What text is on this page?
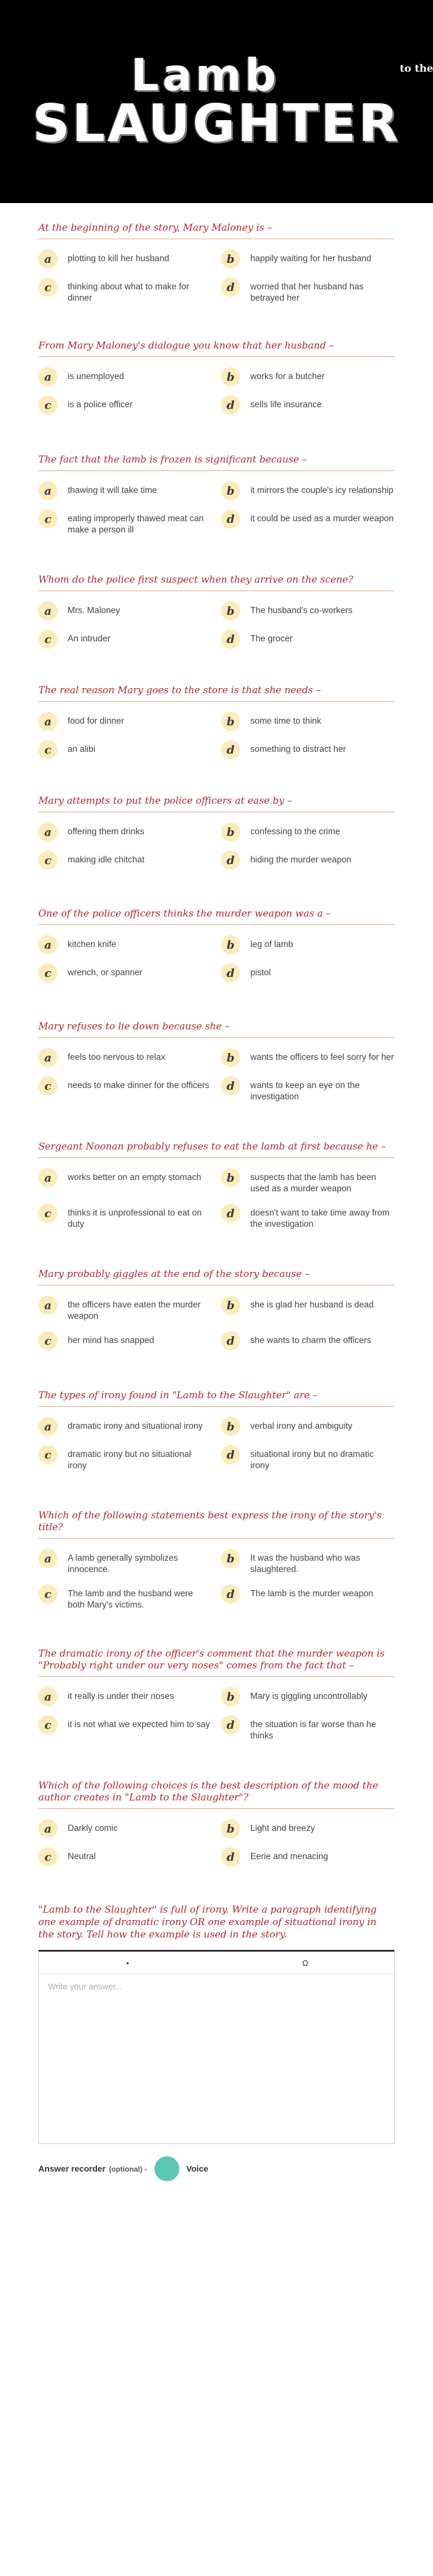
Lamb	to the
SLAUGHTER
At the beginning of the story, Mary Maloney is –
a	plotting to kill her husband	b	happily waiting for her husband
c	thinking about what to make for dinner
d	worried that her husband has betrayed her
From Mary Maloney's dialogue you know that her husband –
a	is unemployed	b	works for a butcher
c	is a police officer	d	sells life insurance
The fact that the lamb is frozen is significant because –
a	thawing it will take time	b	it mirrors the couple's icy relationship
c	eating improperly thawed meat can make a person ill
d	it could be used as a murder weapon
Whom do the police first suspect when they arrive on the scene?
a	Mrs. Maloney	b	The husband's co-workers
c	An intruder	d	The grocer
The real reason Mary goes to the store is that she needs –
a	food for dinner	b	some time to think
c	an alibi	d	something to distract her
Mary attempts to put the police officers at ease by –
a	offering them drinks	b	confessing to the crime
c	making idle chitchat	d	hiding the murder weapon
One of the police officers thinks the murder weapon was a –
a	kitchen knife	b	leg of lamb
c	wrench, or spanner	d	pistol
Mary refuses to lie down because she –
a	feels too nervous to relax	b	wants the officers to feel sorry for her
c	needs to make dinner for the officers	d	wants to keep an eye on the investigation
Sergeant Noonan probably refuses to eat the lamb at first because he –
a	works better on an empty stomach	b	suspects that the lamb has been used as a murder weapon
c	thinks it is unprofessional to eat on duty
d	doesn't want to take time away from the investigation
Mary probably giggles at the end of the story because –
a	the officers have eaten the murder weapon
b	she is glad her husband is dead
c	her mind has snapped	d	she wants to charm the officers
The types of irony found in "Lamb to the Slaughter" are –
a	dramatic irony and situational irony	b	verbal irony and ambiguity
c	dramatic irony but no situational irony
d	situational irony but no dramatic irony
Which of the following statements best express the irony of the story's title?
a	A lamb generally symbolizes innocence.
b	It was the husband who was slaughtered.
c	The lamb and the husband were both Mary's victims.
d	The lamb is the murder weapon
The dramatic irony of the officer's comment that the murder weapon is "Probably right under our very noses" comes from the fact that –
a	it really is under their noses	b	Mary is giggling uncontrollably
c	it is not what we expected him to say	d	the situation is far worse than he thinks
Which of the following choices is the best description of the mood the author creates in "Lamb to the Slaughter"?
a	Darkly comic	b	Light and breezy
c	Neutral	d	Eerie and menacing
"Lamb to the Slaughter" is full of irony. Write a paragraph identifying one example of dramatic irony OR one example of situational irony in the story. Tell how the example is used in the story.
•	Ω
Write your answer...
Answer recorder (optional) -	Voice
